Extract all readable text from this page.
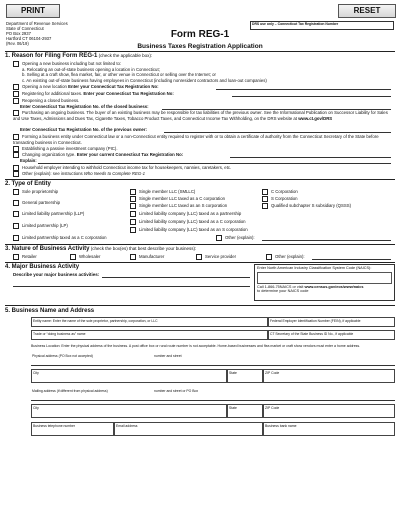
PRINT	RESET
Department of Revenue Services
State of Connecticut
PO Box 2937
Hartford CT 06104-2937
(Rev. 06/19)
DRS use only – Connecticut Tax Registration Number
Form REG-1
Business Taxes Registration Application
1. Reason for Filing Form REG-1 (check the applicable box):
Opening a new business including but not limited to:
a. Relocating an out-of-state business opening a location in Connecticut;
b. Selling at a craft show, flea market, fair, or other venue in Connecticut or selling over the Internet; or
c. An existing out-of-state business having employees in Connecticut (including nonresident contractors and loan-out companies)
Opening a new location Enter your Connecticut Tax Registration No:
Registering for additional taxes. Enter your Connecticut Tax Registration No:
Reopening a closed business.
Enter Connecticut Tax Registration No. of the closed business:
Purchasing an ongoing business. The buyer of an existing business may be responsible for tax liabilities of the previous owner. See the Informational Publication on Successor Liability for Sales and Use Taxes, Admissions and Dues Tax, Cigarette Taxes, Tobacco Product Taxes, and Connecticut Income Tax Withholding, on the DRS website at www.ct.gov/DRS
Enter Connecticut Tax Registration No. of the previous owner:
Forming a business entity under Connecticut law or a non-Connecticut entity required to register with or to obtain a certificate of authority from the Connecticut Secretary of the State before transacting business in Connecticut.
Establishing a passive investment company (PIC).
Changing organization type. Enter your current Connecticut Tax Registration No:
Explain:
Household employer intending to withhold Connecticut income tax for housekeepers, nannies, caretakers, etc.
Other (explain): see instructions Who Needs to Complete REG-1
2. Type of Entity
Sole proprietorship
General partnership
Limited liability partnership (LLP)
Limited partnership (LP)
Limited partnership taxed as a C corporation
Single member LLC (SMLLC)
Single member LLC taxed as a C corporation
Single member LLC taxed as an S corporation
Limited liability company (LLC) taxed as a partnership
Limited liability company (LLC) taxed as a C corporation
Limited liability company (LLC) taxed as an S corporation
Other (explain):
C Corporation
S Corporation
Qualified subchapter S subsidiary (QSSS)
3. Nature of Business Activity (check the box(es) that best describe your business):
Retailer	Wholesaler	Manufacturer	Service provider	Other (explain):
4. Major Business Activity
Describe your major business activities:
Enter North American Industry Classification System Code (NAICS):
Call 1-866-75NAICS or visit www.census.gov/eos/www/naics
to determine your NAICS code
5. Business Name and Address
Entity name: Enter the name of the sole proprietor, partnership, corporation, or LLC	Federal Employer Identification Number (FEIN), if applicable
Trade or “doing business as” name	CT Secretary of the State Business ID No., if applicable
Business Location: Enter the physical address of the business. A post office box or rural route number is not acceptable. Home-based businesses and flea market or craft show vendors must enter a home address.
Physical address (PO Box not accepted)	number and street
City	State	ZIP Code
Mailing address (if different from physical address)	number and street or PO Box
City	State	ZIP Code
Business telephone number	Email address	Business bank name
